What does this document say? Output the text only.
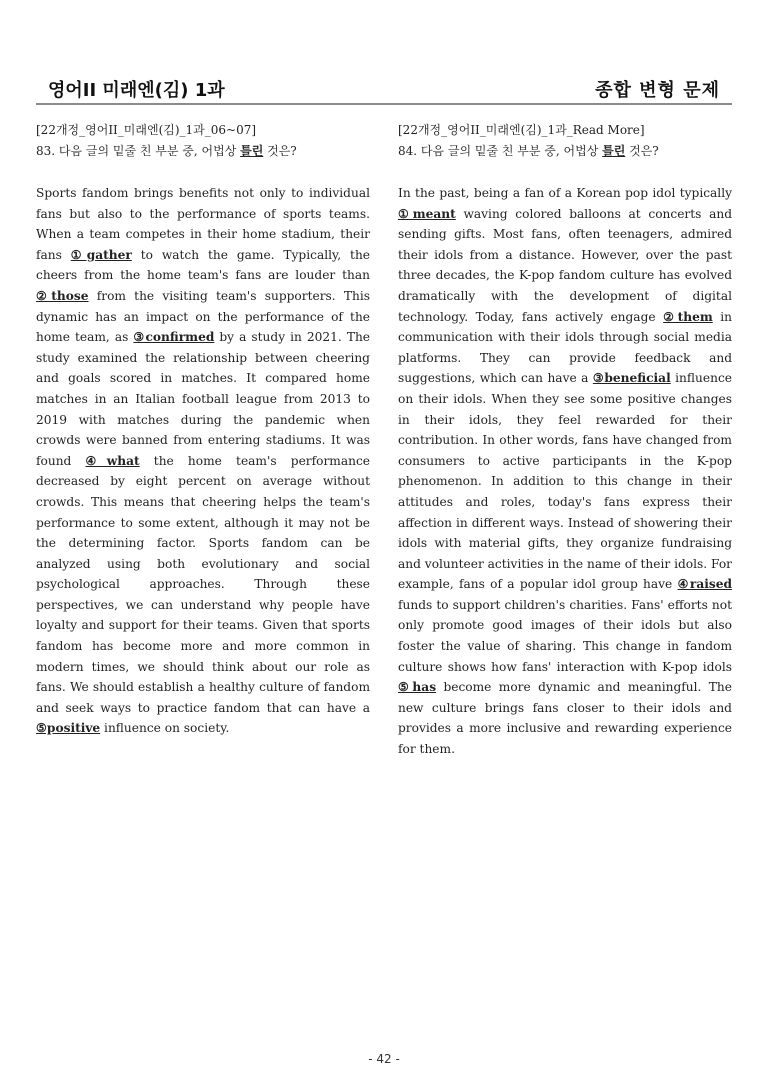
영어II 미래엔(김) 1과	종합 변형 문제
[22개정_영어II_미래엔(김)_1과_06~07]
83. 다음 글의 밑줄 친 부분 중, 어법상 틀린 것은?
Sports fandom brings benefits not only to individual fans but also to the performance of sports teams. When a team competes in their home stadium, their fans ①gather to watch the game. Typically, the cheers from the home team's fans are louder than ②those from the visiting team's supporters. This dynamic has an impact on the performance of the home team, as ③confirmed by a study in 2021. The study examined the relationship between cheering and goals scored in matches. It compared home matches in an Italian football league from 2013 to 2019 with matches during the pandemic when crowds were banned from entering stadiums. It was found ④what the home team's performance decreased by eight percent on average without crowds. This means that cheering helps the team's performance to some extent, although it may not be the determining factor. Sports fandom can be analyzed using both evolutionary and social psychological approaches. Through these perspectives, we can understand why people have loyalty and support for their teams. Given that sports fandom has become more and more common in modern times, we should think about our role as fans. We should establish a healthy culture of fandom and seek ways to practice fandom that can have a ⑤positive influence on society.
[22개정_영어II_미래엔(김)_1과_Read More]
84. 다음 글의 밑줄 친 부분 중, 어법상 틀린 것은?
In the past, being a fan of a Korean pop idol typically ①meant waving colored balloons at concerts and sending gifts. Most fans, often teenagers, admired their idols from a distance. However, over the past three decades, the K-pop fandom culture has evolved dramatically with the development of digital technology. Today, fans actively engage ②them in communication with their idols through social media platforms. They can provide feedback and suggestions, which can have a ③beneficial influence on their idols. When they see some positive changes in their idols, they feel rewarded for their contribution. In other words, fans have changed from consumers to active participants in the K-pop phenomenon. In addition to this change in their attitudes and roles, today's fans express their affection in different ways. Instead of showering their idols with material gifts, they organize fundraising and volunteer activities in the name of their idols. For example, fans of a popular idol group have ④raised funds to support children's charities. Fans' efforts not only promote good images of their idols but also foster the value of sharing. This change in fandom culture shows how fans' interaction with K-pop idols ⑤has become more dynamic and meaningful. The new culture brings fans closer to their idols and provides a more inclusive and rewarding experience for them.
- 42 -
